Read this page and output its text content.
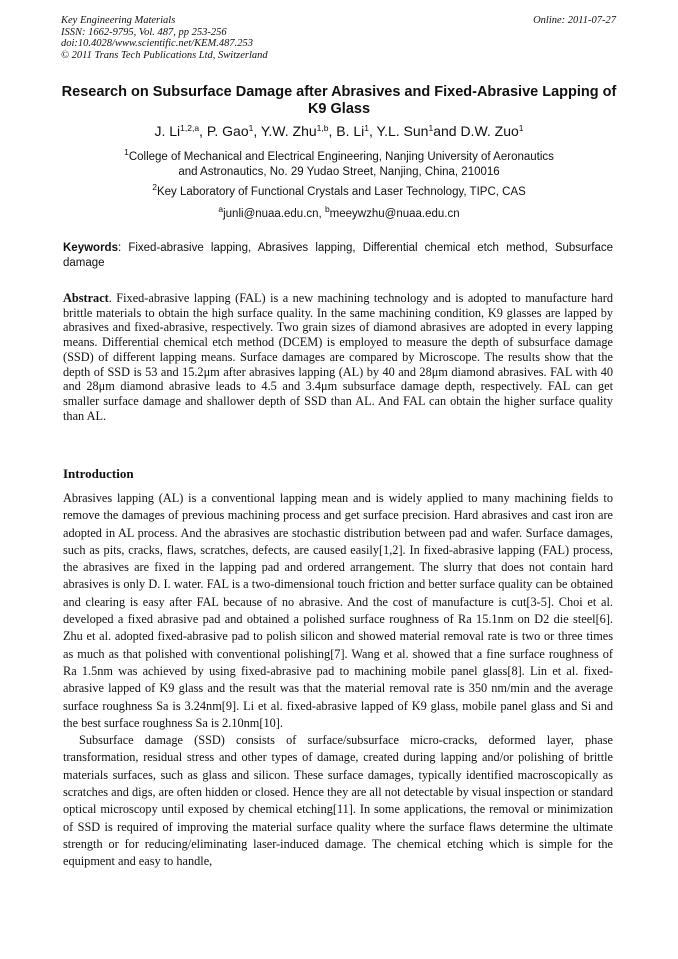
Key Engineering Materials
ISSN: 1662-9795, Vol. 487, pp 253-256
doi:10.4028/www.scientific.net/KEM.487.253
© 2011 Trans Tech Publications Ltd, Switzerland
Online: 2011-07-27
Research on Subsurface Damage after Abrasives and Fixed-Abrasive Lapping of K9 Glass
J. Li$^{1,2,a}$, P. Gao$^1$, Y.W. Zhu$^{1,b}$, B. Li$^1$, Y.L. Sun$^1$and D.W. Zuo$^1$
$^1$College of Mechanical and Electrical Engineering, Nanjing University of Aeronautics
and Astronautics, No. 29 Yudao Street, Nanjing, China, 210016
$^2$Key Laboratory of Functional Crystals and Laser Technology, TIPC, CAS
$^a$junli@nuaa.edu.cn, $^b$meeywzhu@nuaa.edu.cn
Keywords: Fixed-abrasive lapping, Abrasives lapping, Differential chemical etch method, Subsurface damage
Abstract. Fixed-abrasive lapping (FAL) is a new machining technology and is adopted to manufacture hard brittle materials to obtain the high surface quality. In the same machining condition, K9 glasses are lapped by abrasives and fixed-abrasive, respectively. Two grain sizes of diamond abrasives are adopted in every lapping means. Differential chemical etch method (DCEM) is employed to measure the depth of subsurface damage (SSD) of different lapping means. Surface damages are compared by Microscope. The results show that the depth of SSD is 53 and 15.2μm after abrasives lapping (AL) by 40 and 28μm diamond abrasives. FAL with 40 and 28μm diamond abrasive leads to 4.5 and 3.4μm subsurface damage depth, respectively. FAL can get smaller surface damage and shallower depth of SSD than AL. And FAL can obtain the higher surface quality than AL.
Introduction

Abrasives lapping (AL) is a conventional lapping mean and is widely applied to many machining fields to remove the damages of previous machining process and get surface precision. Hard abrasives and cast iron are adopted in AL process. And the abrasives are stochastic distribution between pad and wafer. Surface damages, such as pits, cracks, flaws, scratches, defects, are caused easily[1,2]. In fixed-abrasive lapping (FAL) process, the abrasives are fixed in the lapping pad and ordered arrangement. The slurry that does not contain hard abrasives is only D. I. water. FAL is a two-dimensional touch friction and better surface quality can be obtained and clearing is easy after FAL because of no abrasive. And the cost of manufacture is cut[3-5]. Choi et al. developed a fixed abrasive pad and obtained a polished surface roughness of Ra 15.1nm on D2 die steel[6]. Zhu et al. adopted fixed-abrasive pad to polish silicon and showed material removal rate is two or three times as much as that polished with conventional polishing[7]. Wang et al. showed that a fine surface roughness of Ra 1.5nm was achieved by using fixed-abrasive pad to machining mobile panel glass[8]. Lin et al. fixed-abrasive lapped of K9 glass and the result was that the material removal rate is 350 nm/min and the average surface roughness Sa is 3.24nm[9]. Li et al. fixed-abrasive lapped of K9 glass, mobile panel glass and Si and the best surface roughness Sa is 2.10nm[10].

Subsurface damage (SSD) consists of surface/subsurface micro-cracks, deformed layer, phase transformation, residual stress and other types of damage, created during lapping and/or polishing of brittle materials surfaces, such as glass and silicon. These surface damages, typically identified macroscopically as scratches and digs, are often hidden or closed. Hence they are all not detectable by visual inspection or standard optical microscopy until exposed by chemical etching[11]. In some applications, the removal or minimization of SSD is required of improving the material surface quality where the surface flaws determine the ultimate strength or for reducing/eliminating laser-induced damage. The chemical etching which is simple for the equipment and easy to handle,
